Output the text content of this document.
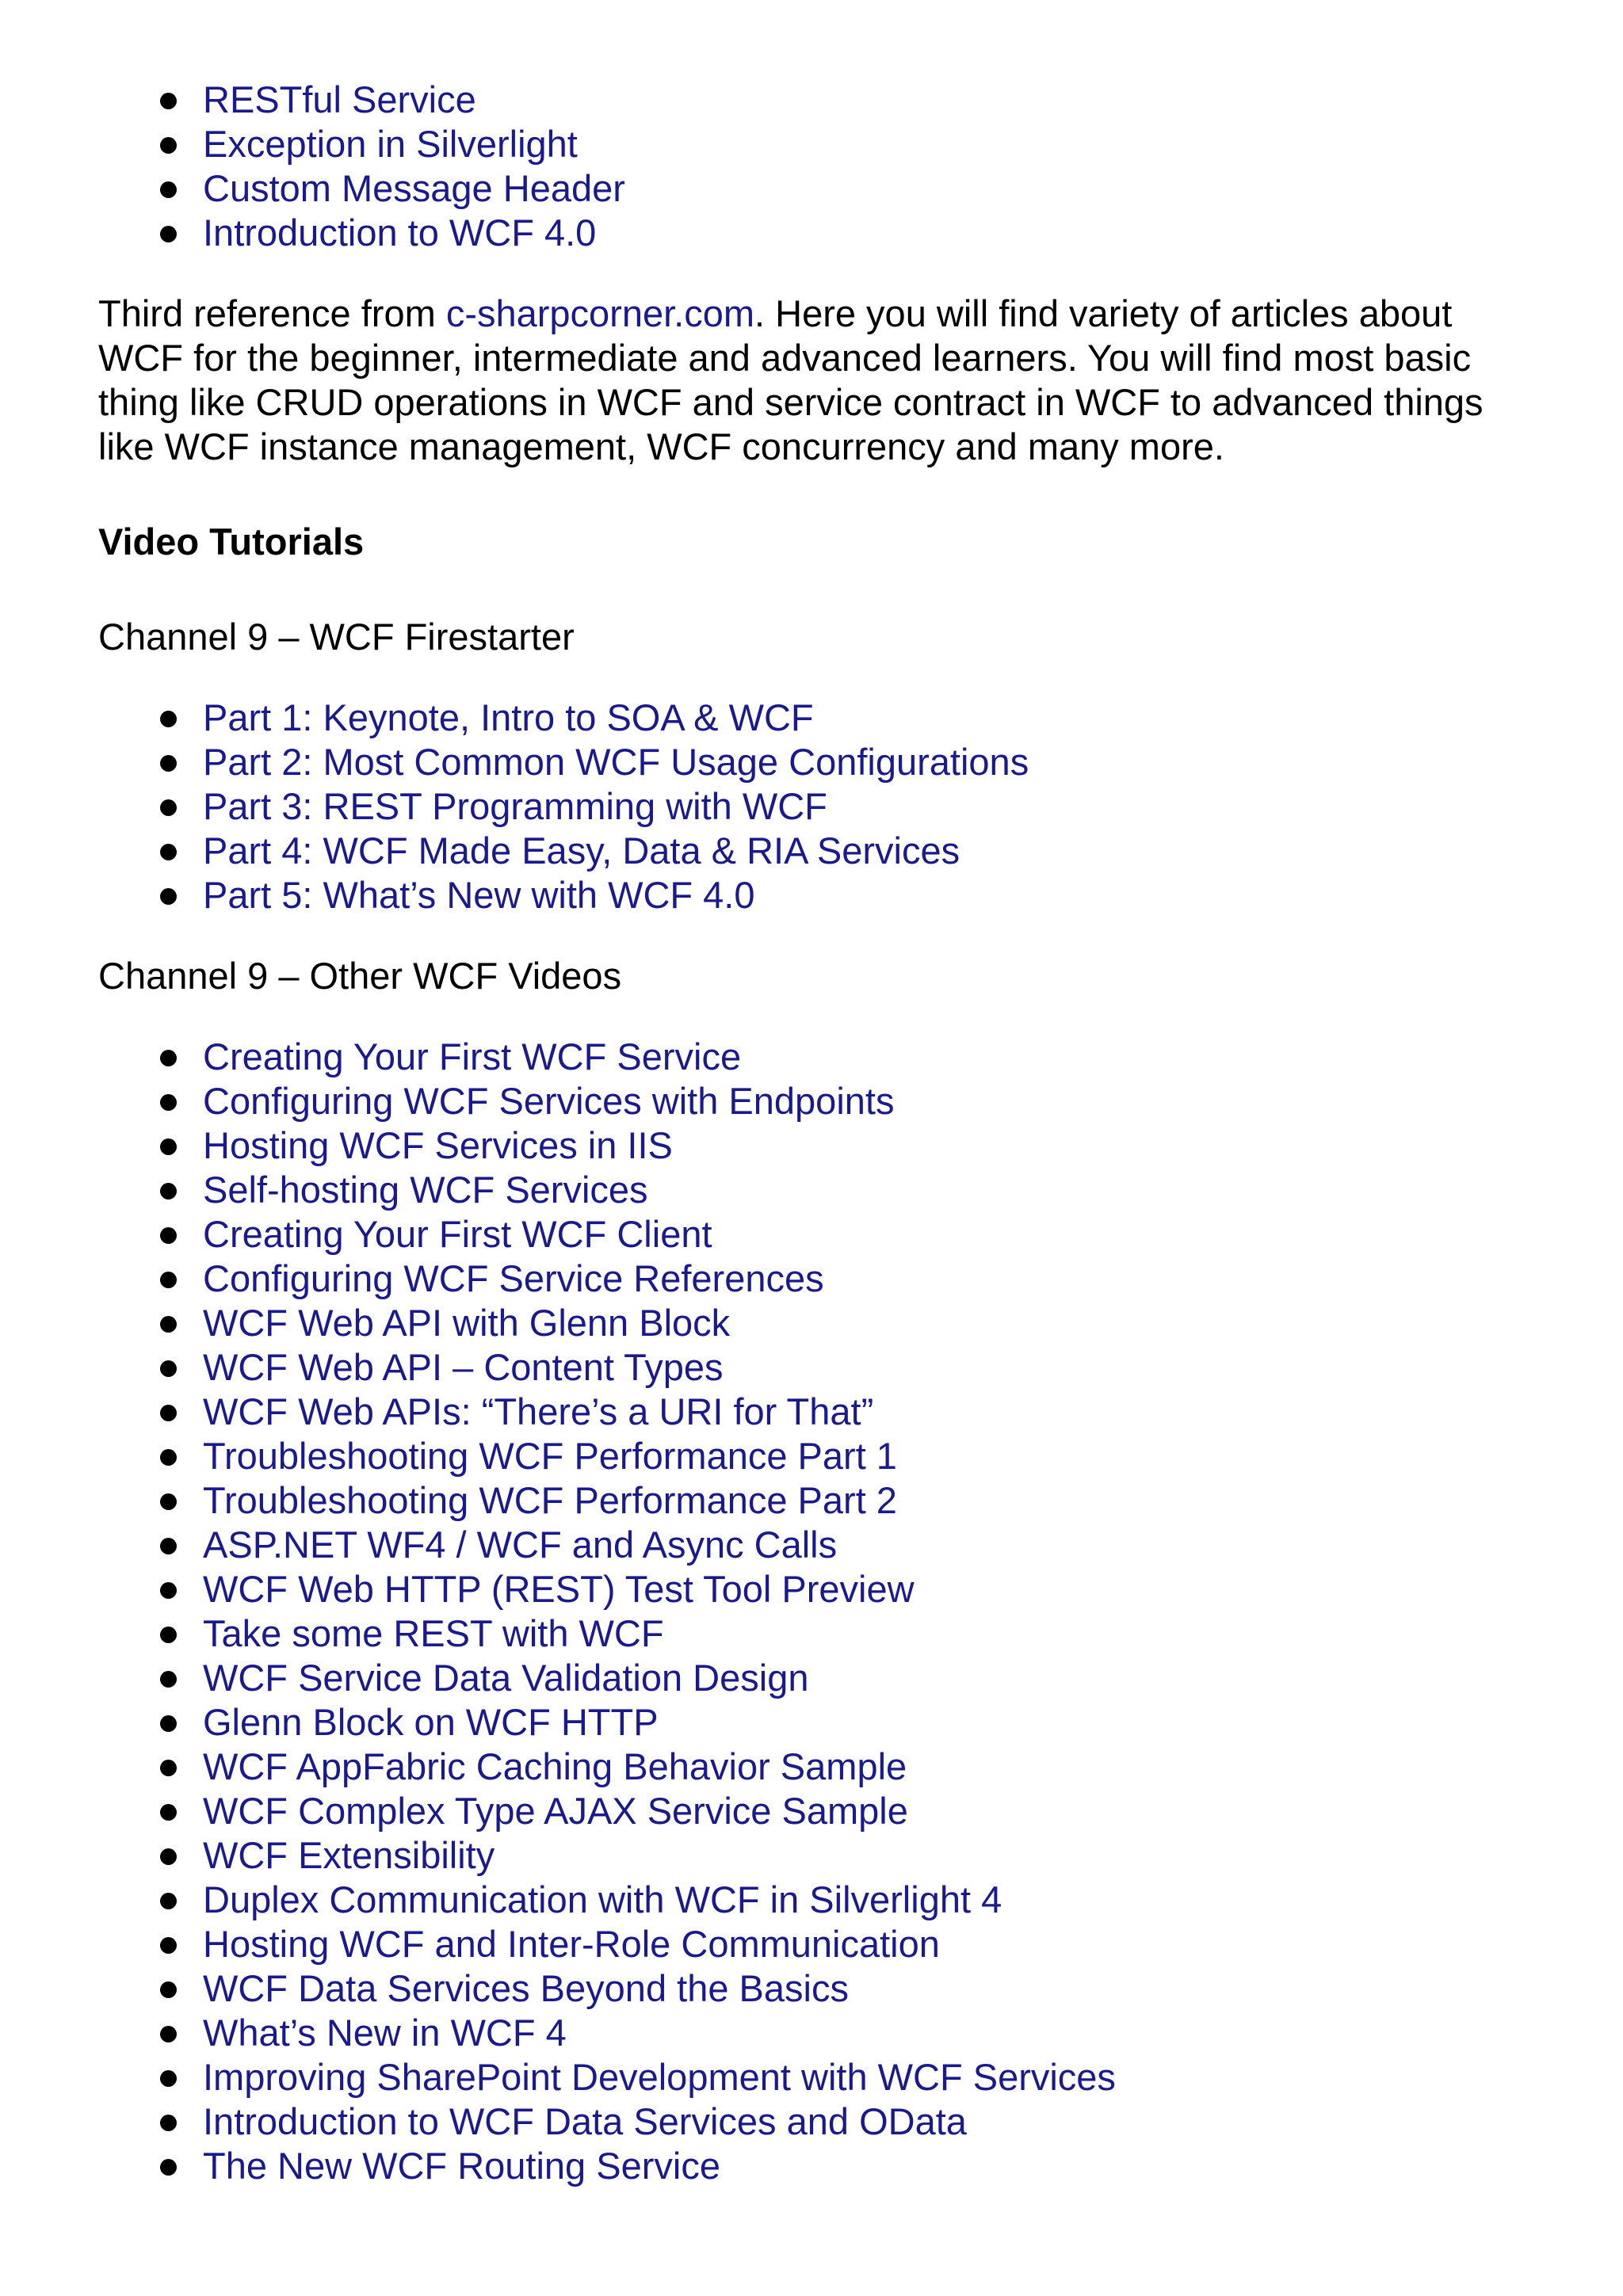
RESTful Service
Exception in Silverlight
Custom Message Header
Introduction to WCF 4.0

Third reference from c-sharpcorner.com. Here you will find variety of articles about WCF for the beginner, intermediate and advanced learners. You will find most basic thing like CRUD operations in WCF and service contract in WCF to advanced things like WCF instance management, WCF concurrency and many more.

Video Tutorials

Channel 9 – WCF Firestarter

Part 1: Keynote, Intro to SOA & WCF
Part 2: Most Common WCF Usage Configurations
Part 3: REST Programming with WCF
Part 4: WCF Made Easy, Data & RIA Services
Part 5: What’s New with WCF 4.0

Channel 9 – Other WCF Videos

Creating Your First WCF Service
Configuring WCF Services with Endpoints
Hosting WCF Services in IIS
Self-hosting WCF Services
Creating Your First WCF Client
Configuring WCF Service References
WCF Web API with Glenn Block
WCF Web API – Content Types
WCF Web APIs: “There’s a URI for That”
Troubleshooting WCF Performance Part 1
Troubleshooting WCF Performance Part 2
ASP.NET WF4 / WCF and Async Calls
WCF Web HTTP (REST) Test Tool Preview
Take some REST with WCF
WCF Service Data Validation Design
Glenn Block on WCF HTTP
WCF AppFabric Caching Behavior Sample
WCF Complex Type AJAX Service Sample
WCF Extensibility
Duplex Communication with WCF in Silverlight 4
Hosting WCF and Inter-Role Communication
WCF Data Services Beyond the Basics
What’s New in WCF 4
Improving SharePoint Development with WCF Services
Introduction to WCF Data Services and OData
The New WCF Routing Service
